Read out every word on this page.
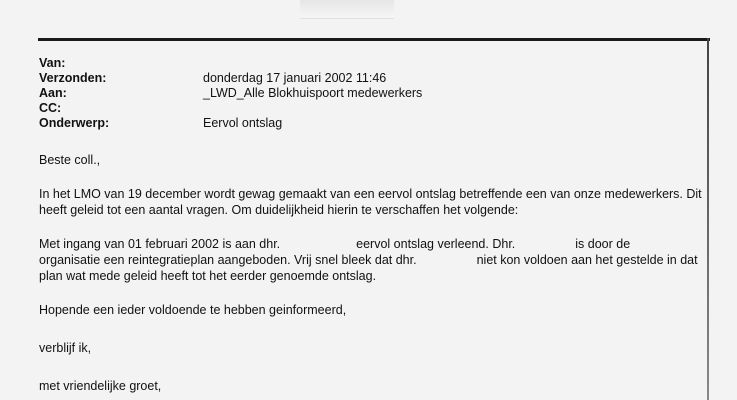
Van:
Verzonden:	donderdag 17 januari 2002 11:46
Aan:	_LWD_Alle Blokhuispoort medewerkers
CC:
Onderwerp:	Eervol ontslag

Beste coll.,

In het LMO van 19 december wordt gewag gemaakt van een eervol ontslag betreffende een van onze medewerkers. Dit

heeft geleid tot een aantal vragen. Om duidelijkheid hierin te verschaffen het volgende:

Met ingang van 01 februari 2002 is aan dhr.	eervol ontslag verleend. Dhr.	is door de

organisatie een reintegratieplan aangeboden. Vrij snel bleek dat dhr.	niet kon voldoen aan het gestelde in dat

plan wat mede geleid heeft tot het eerder genoemde ontslag.

Hopende een ieder voldoende te hebben geinformeerd,

verblijf ik,

met vriendelijke groet,
